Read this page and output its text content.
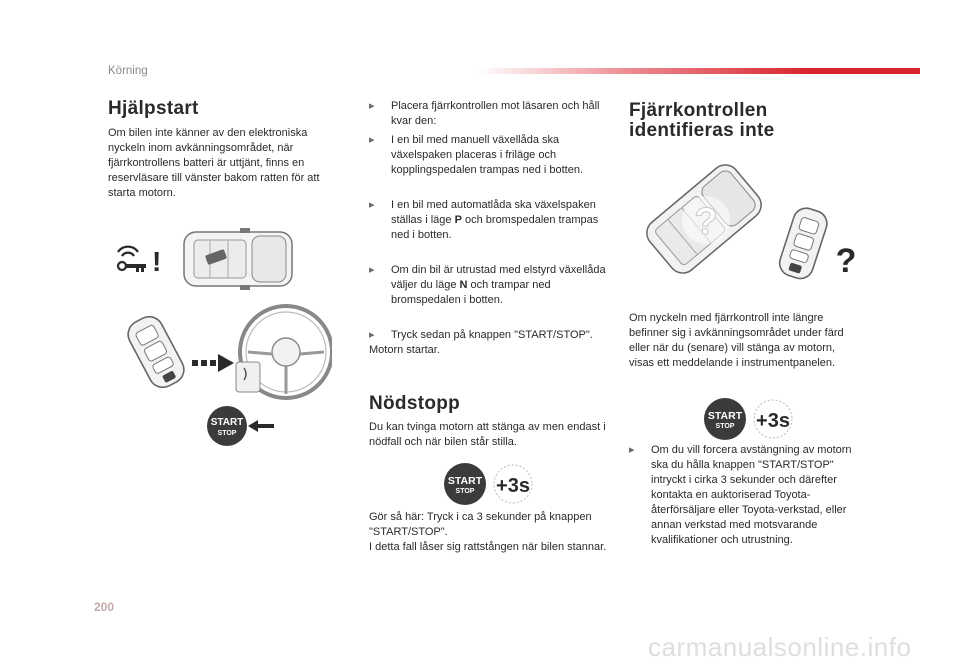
Körning
Hjälpstart

Om bilen inte känner av den elektroniska nyckeln inom avkänningsområdet, när fjärrkontrollens batteri är uttjänt, finns en reservläsare till vänster bakom ratten för att starta motorn.

!
START
STOP
▸ Placera fjärrkontrollen mot läsaren och håll kvar den:
▸ I en bil med manuell växellåda ska växelspaken placeras i friläge och kopplingspedalen trampas ned i botten.
▸ I en bil med automatlåda ska växelspaken ställas i läge P och bromspedalen trampas ned i botten.
▸ Om din bil är utrustad med elstyrd växellåda väljer du läge N och trampar ned bromspedalen i botten.
▸ Tryck sedan på knappen "START/STOP".
Motorn startar.
Nödstopp

Du kan tvinga motorn att stänga av men endast i nödfall och när bilen står stilla.

START
STOP +3s
Gör så här: Tryck i ca 3 sekunder på knappen "START/STOP".
I detta fall låser sig rattstången när bilen stannar.
Fjärrkontrollen identifieras inte
?
?

Om nyckeln med fjärrkontroll inte längre befinner sig i avkänningsområdet under färd eller när du (senare) vill stänga av motorn, visas ett meddelande i instrumentpanelen.

START
STOP +3s
▸ Om du vill forcera avstängning av motorn ska du hålla knappen "START/STOP" intryckt i cirka 3 sekunder och därefter kontakta en auktoriserad Toyota-återförsäljare eller Toyota-verkstad, eller annan verkstad med motsvarande kvalifikationer och utrustning.
200
carmanualsonline.info
